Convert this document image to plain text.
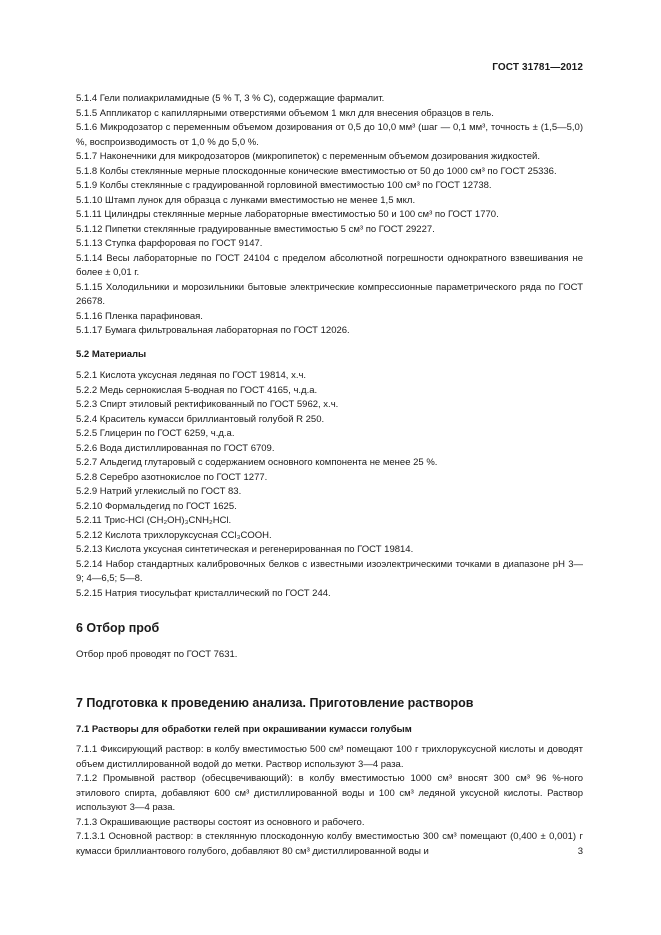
ГОСТ 31781—2012
5.1.4 Гели полиакриламидные (5 % Т, 3 % С), содержащие фармалит.
5.1.5 Аппликатор с капиллярными отверстиями объемом 1 мкл для внесения образцов в гель.
5.1.6 Микродозатор с переменным объемом дозирования от 0,5 до 10,0 мм³ (шаг — 0,1 мм³, точность ± (1,5—5,0) %, воспроизводимость от 1,0 % до 5,0 %.
5.1.7 Наконечники для микродозаторов (микропипеток) с переменным объемом дозирования жидкостей.
5.1.8 Колбы стеклянные мерные плоскодонные конические вместимостью от 50 до 1000 см³ по ГОСТ 25336.
5.1.9 Колбы стеклянные с градуированной горловиной вместимостью 100 см³ по ГОСТ 12738.
5.1.10 Штамп лунок для образца с лунками вместимостью не менее 1,5 мкл.
5.1.11 Цилиндры стеклянные мерные лабораторные вместимостью 50 и 100 см³ по ГОСТ 1770.
5.1.12 Пипетки стеклянные градуированные вместимостью 5 см³ по ГОСТ 29227.
5.1.13 Ступка фарфоровая по ГОСТ 9147.
5.1.14 Весы лабораторные по ГОСТ 24104 с пределом абсолютной погрешности однократного взвешивания не более ± 0,01 г.
5.1.15 Холодильники и морозильники бытовые электрические компрессионные параметрического ряда по ГОСТ 26678.
5.1.16 Пленка парафиновая.
5.1.17 Бумага фильтровальная лабораторная по ГОСТ 12026.
5.2 Материалы
5.2.1 Кислота уксусная ледяная по ГОСТ 19814, х.ч.
5.2.2 Медь сернокислая 5-водная по ГОСТ 4165, ч.д.а.
5.2.3 Спирт этиловый ректификованный по ГОСТ 5962, х.ч.
5.2.4 Краситель кумасси бриллиантовый голубой R 250.
5.2.5 Глицерин по ГОСТ 6259, ч.д.а.
5.2.6 Вода дистиллированная по ГОСТ 6709.
5.2.7 Альдегид глутаровый с содержанием основного компонента не менее 25 %.
5.2.8 Серебро азотнокислое по ГОСТ 1277.
5.2.9 Натрий углекислый по ГОСТ 83.
5.2.10 Формальдегид по ГОСТ 1625.
5.2.11 Трис-HCl (CH₂OH)₃CNH₂HCl.
5.2.12 Кислота трихлоруксусная CCl₃COOH.
5.2.13 Кислота уксусная синтетическая и регенерированная по ГОСТ 19814.
5.2.14 Набор стандартных калибровочных белков с известными изоэлектрическими точками в диапазоне pH 3—9; 4—6,5; 5—8.
5.2.15 Натрия тиосульфат кристаллический по ГОСТ 244.
6 Отбор проб
Отбор проб проводят по ГОСТ 7631.
7 Подготовка к проведению анализа. Приготовление растворов
7.1 Растворы для обработки гелей при окрашивании кумасси голубым
7.1.1 Фиксирующий раствор: в колбу вместимостью 500 см³ помещают 100 г трихлоруксусной кислоты и доводят объем дистиллированной водой до метки. Раствор используют 3—4 раза.
7.1.2 Промывной раствор (обесцвечивающий): в колбу вместимостью 1000 см³ вносят 300 см³ 96 %-ного этилового спирта, добавляют 600 см³ дистиллированной воды и 100 см³ ледяной уксусной кислоты. Раствор используют 3—4 раза.
7.1.3 Окрашивающие растворы состоят из основного и рабочего.
7.1.3.1 Основной раствор: в стеклянную плоскодонную колбу вместимостью 300 см³ помещают (0,400 ± 0,001) г кумасси бриллиантового голубого, добавляют 80 см³ дистиллированной воды и	3
